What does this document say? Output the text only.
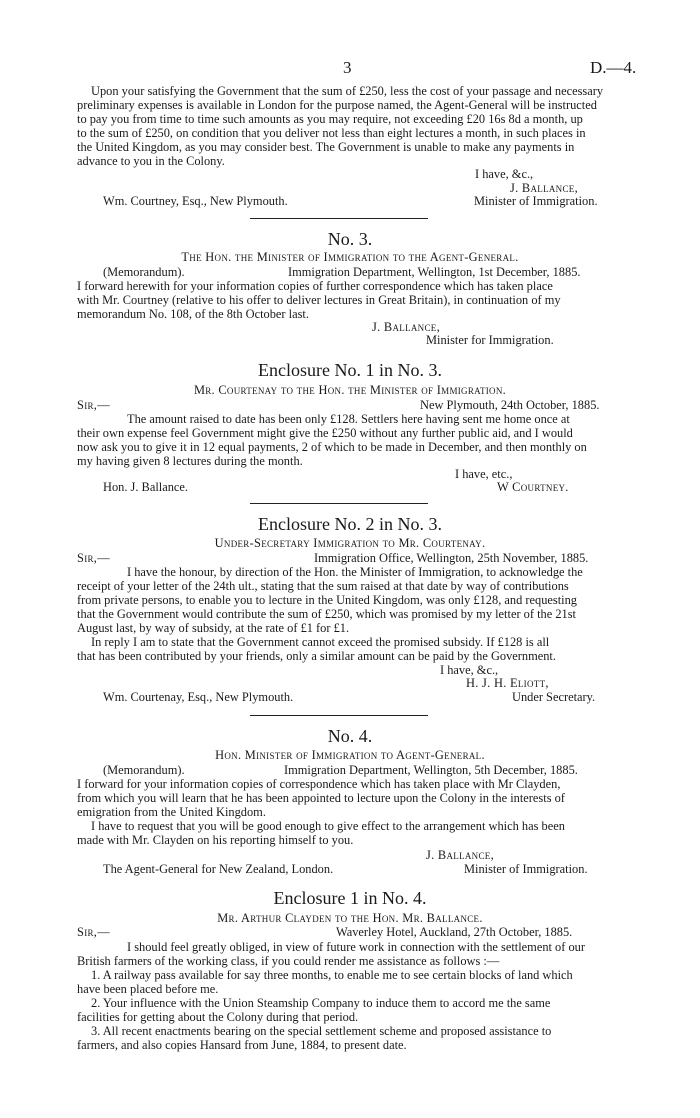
3	D.—4.

Upon your satisfying the Government that the sum of £250, less the cost of your passage and necessary

preliminary expenses is available in London for the purpose named, the Agent-General will be instructed

to pay you from time to time such amounts as you may require, not exceeding £20 16s 8d a month, up

to the sum of £250, on condition that you deliver not less than eight lectures a month, in such places in

the United Kingdom, as you may consider best. The Government is unable to make any payments in

advance to you in the Colony.

I have, &c.,

J. Ballance,

Wm. Courtney, Esq., New Plymouth.	Minister of Immigration.

No. 3.
The Hon. the Minister of Immigration to the Agent-General.

(Memorandum).	Immigration Department, Wellington, 1st December, 1885.

I forward herewith for your information copies of further correspondence which has taken place

with Mr. Courtney (relative to his offer to deliver lectures in Great Britain), in continuation of my

memorandum No. 108, of the 8th October last.

J. Ballance,

Minister for Immigration.

Enclosure No. 1 in No. 3.
Mr. Courtenay to the Hon. the Minister of Immigration.

Sir,—	New Plymouth, 24th October, 1885.

The amount raised to date has been only £128. Settlers here having sent me home once at

their own expense feel Government might give the £250 without any further public aid, and I would

now ask you to give it in 12 equal payments, 2 of which to be made in December, and then monthly on

my having given 8 lectures during the month.

I have, etc.,

Hon. J. Ballance.	W Courtney.

Enclosure No. 2 in No. 3.
Under-Secretary Immigration to Mr. Courtenay.

Sir,—	Immigration Office, Wellington, 25th November, 1885.

I have the honour, by direction of the Hon. the Minister of Immigration, to acknowledge the

receipt of your letter of the 24th ult., stating that the sum raised at that date by way of contributions

from private persons, to enable you to lecture in the United Kingdom, was only £128, and requesting

that the Government would contribute the sum of £250, which was promised by my letter of the 21st

August last, by way of subsidy, at the rate of £1 for £1.

In reply I am to state that the Government cannot exceed the promised subsidy. If £128 is all

that has been contributed by your friends, only a similar amount can be paid by the Government.

I have, &c.,

H. J. H. Eliott,

Wm. Courtenay, Esq., New Plymouth.	Under Secretary.

No. 4.
Hon. Minister of Immigration to Agent-General.

(Memorandum).	Immigration Department, Wellington, 5th December, 1885.

I forward for your information copies of correspondence which has taken place with Mr Clayden,

from which you will learn that he has been appointed to lecture upon the Colony in the interests of

emigration from the United Kingdom.

I have to request that you will be good enough to give effect to the arrangement which has been

made with Mr. Clayden on his reporting himself to you.

J. Ballance,

The Agent-General for New Zealand, London.	Minister of Immigration.

Enclosure 1 in No. 4.
Mr. Arthur Clayden to the Hon. Mr. Ballance.

Sir,—	Waverley Hotel, Auckland, 27th October, 1885.

I should feel greatly obliged, in view of future work in connection with the settlement of our

British farmers of the working class, if you could render me assistance as follows :—

1. A railway pass available for say three months, to enable me to see certain blocks of land which

have been placed before me.

2. Your influence with the Union Steamship Company to induce them to accord me the same

facilities for getting about the Colony during that period.

3. All recent enactments bearing on the special settlement scheme and proposed assistance to

farmers, and also copies Hansard from June, 1884, to present date.
